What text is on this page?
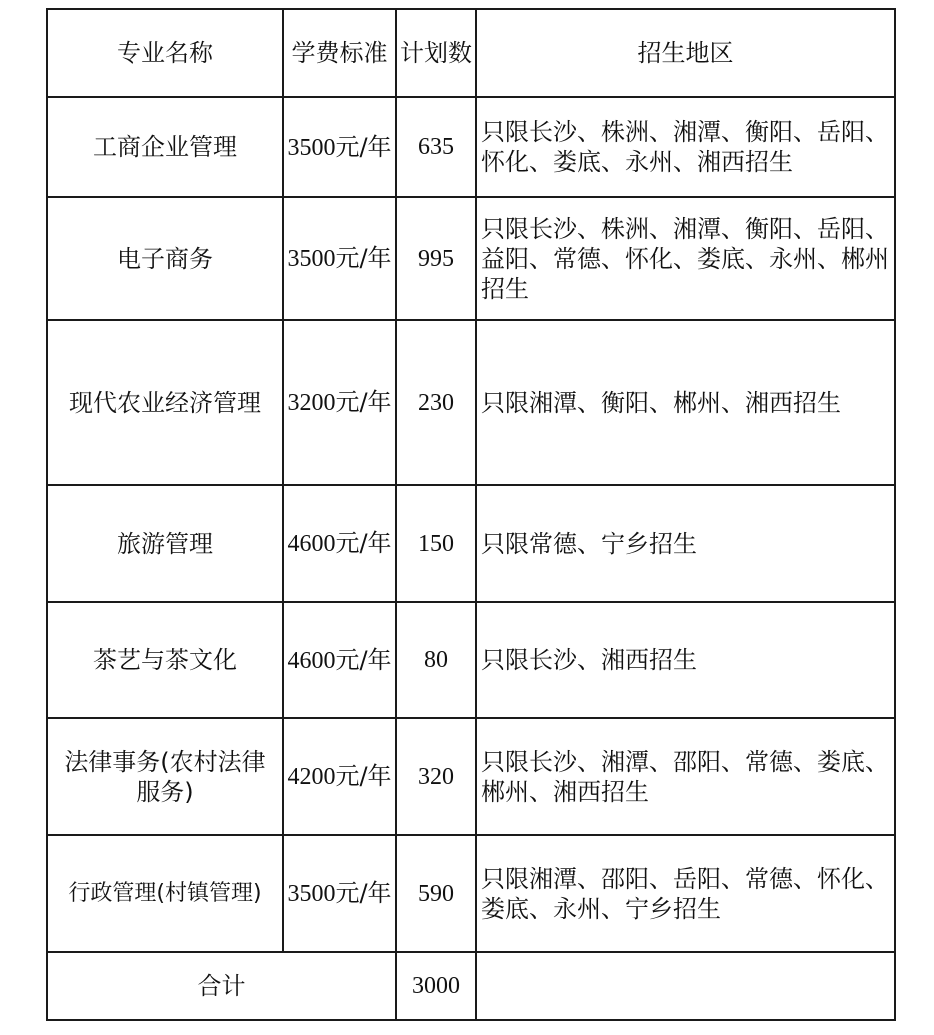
专业名称	学费标准	计划数	招生地区
工商企业管理	3500元/年	635	只限长沙、株洲、湘潭、衡阳、岳阳、怀化、娄底、永州、湘西招生
电子商务	3500元/年	995	只限长沙、株洲、湘潭、衡阳、岳阳、益阳、常德、怀化、娄底、永州、郴州招生
现代农业经济管理	3200元/年	230	只限湘潭、衡阳、郴州、湘西招生
旅游管理	4600元/年	150	只限常德、宁乡招生
茶艺与茶文化	4600元/年	80	只限长沙、湘西招生
法律事务(农村法律服务)	4200元/年	320	只限长沙、湘潭、邵阳、常德、娄底、郴州、湘西招生
行政管理(村镇管理)	3500元/年	590	只限湘潭、邵阳、岳阳、常德、怀化、娄底、永州、宁乡招生
合计		3000	
